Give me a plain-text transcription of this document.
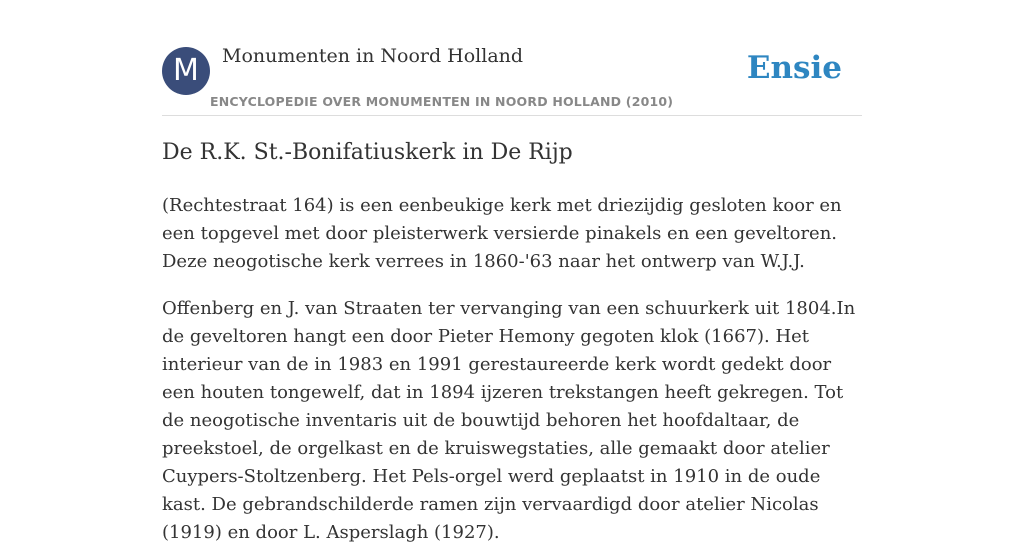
M	Monumenten in Noord Holland
ENCYCLOPEDIE OVER MONUMENTEN IN NOORD HOLLAND (2010)
Ensie
De R.K. St.-Bonifatiuskerk in De Rijp

(Rechtestraat 164) is een eenbeukige kerk met driezijdig gesloten koor en een topgevel met door pleisterwerk versierde pinakels en een geveltoren. Deze neogotische kerk verrees in 1860-'63 naar het ontwerp van W.J.J.

Offenberg en J. van Straaten ter vervanging van een schuurkerk uit 1804.In de geveltoren hangt een door Pieter Hemony gegoten klok (1667). Het interieur van de in 1983 en 1991 gerestaureerde kerk wordt gedekt door een houten tongewelf, dat in 1894 ijzeren trekstangen heeft gekregen. Tot de neogotische inventaris uit de bouwtijd behoren het hoofdaltaar, de preekstoel, de orgelkast en de kruiswegstaties, alle gemaakt door atelier Cuypers-Stoltzenberg. Het Pels-orgel werd geplaatst in 1910 in de oude kast. De gebrandschilderde ramen zijn vervaardigd door atelier Nicolas (1919) en door L. Asperslagh (1927).
